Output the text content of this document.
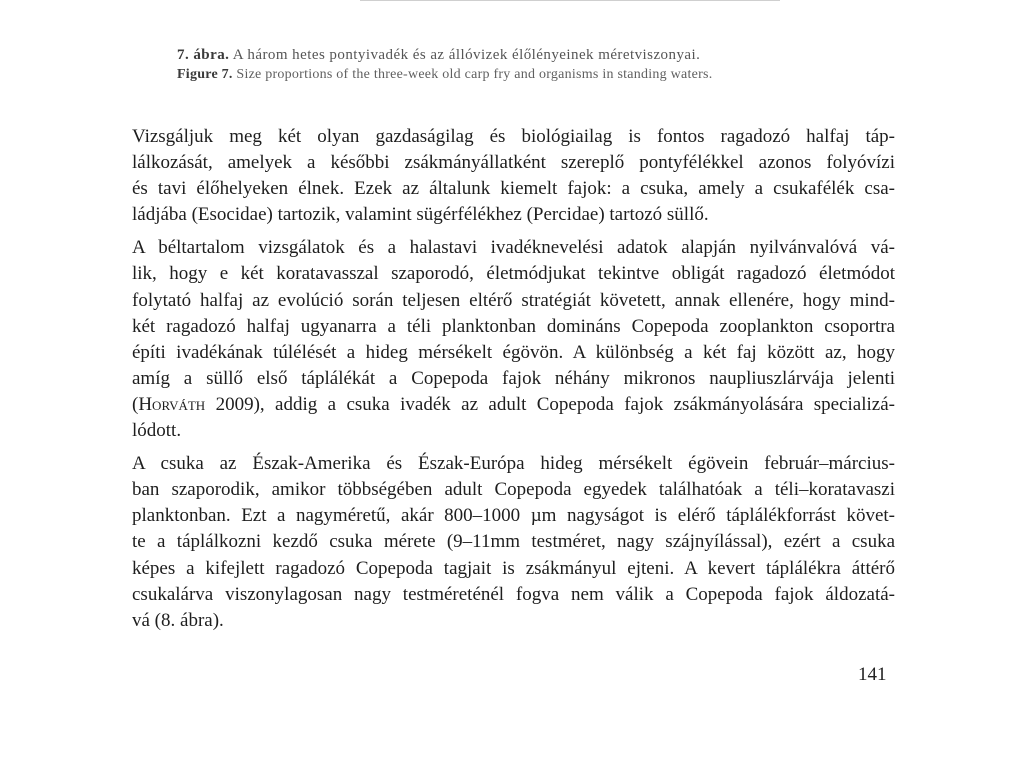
7. ábra. A három hetes pontyivadék és az állóvizek élőlényeinek méretviszonyai.
Figure 7. Size proportions of the three-week old carp fry and organisms in standing waters.

Vizsgáljuk meg két olyan gazdaságilag és biológiailag is fontos ragadozó halfaj táp-
lálkozását, amelyek a későbbi zsákmányállatként szereplő pontyfélékkel azonos folyóvízi
és tavi élőhelyeken élnek. Ezek az általunk kiemelt fajok: a csuka, amely a csukafélék csa-
ládjába (Esocidae) tartozik, valamint sügérfélékhez (Percidae) tartozó süllő.

A béltartalom vizsgálatok és a halastavi ivadéknevelési adatok alapján nyilvánvalóvá vá-
lik, hogy e két koratavasszal szaporodó, életmódjukat tekintve obligát ragadozó életmódot
folytató halfaj az evolúció során teljesen eltérő stratégiát követett, annak ellenére, hogy mind-
két ragadozó halfaj ugyanarra a téli planktonban domináns Copepoda zooplankton csoportra
építi ivadékának túlélését a hideg mérsékelt égövön. A különbség a két faj között az, hogy
amíg a süllő első táplálékát a Copepoda fajok néhány mikronos naupliuszlárvája jelenti
(Horváth 2009), addig a csuka ivadék az adult Copepoda fajok zsákmányolására specializá-
lódott.

A csuka az Észak-Amerika és Észak-Európa hideg mérsékelt égövein február–március-
ban szaporodik, amikor többségében adult Copepoda egyedek találhatóak a téli–koratavaszi
planktonban. Ezt a nagyméretű, akár 800–1000 µm nagyságot is elérő táplálékforrást követ-
te a táplálkozni kezdő csuka mérete (9–11mm testméret, nagy szájnyílással), ezért a csuka
képes a kifejlett ragadozó Copepoda tagjait is zsákmányul ejteni. A kevert táplálékra áttérő
csukalárva viszonylagosan nagy testméreténél fogva nem válik a Copepoda fajok áldozatá-
vá (8. ábra).

141
